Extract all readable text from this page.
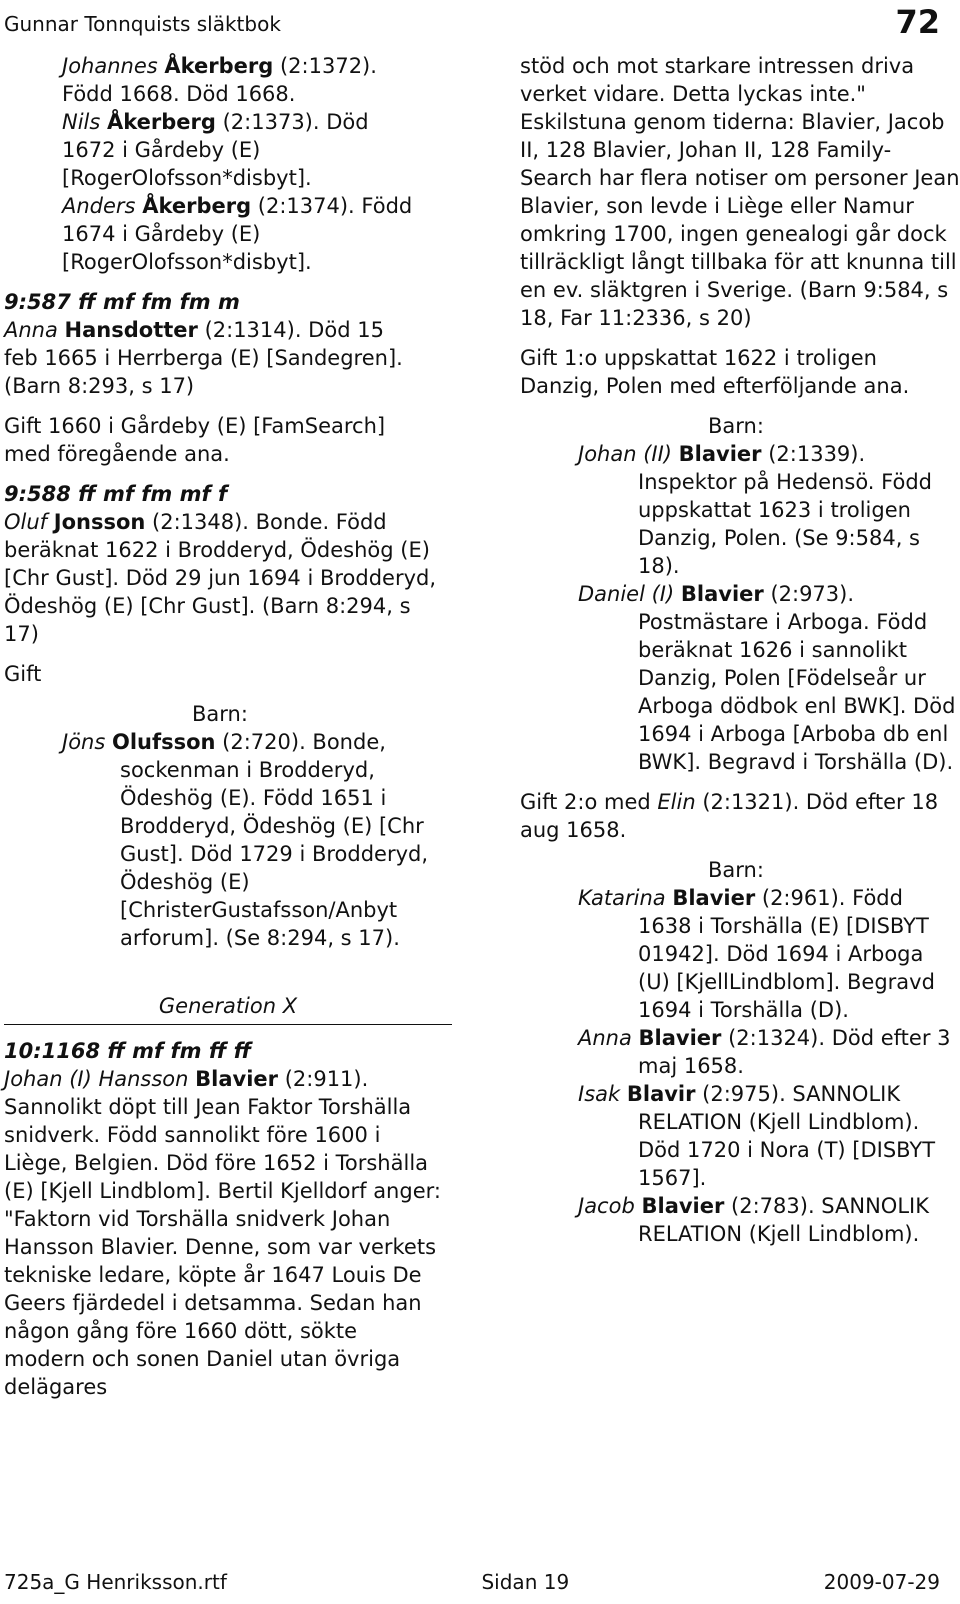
Gunnar Tonnquists släktbok	72

Johannes Åkerberg (2:1372). Född 1668. Död 1668.

Nils Åkerberg (2:1373). Död 1672 i Gårdeby (E) [RogerOlofsson*disbyt].

Anders Åkerberg (2:1374). Född 1674 i Gårdeby (E) [RogerOlofsson*disbyt].

9:587 ff mf fm fm m

Anna Hansdotter (2:1314). Död 15 feb 1665 i Herrberga (E) [Sandegren]. (Barn 8:293, s 17)

Gift 1660 i Gårdeby (E) [FamSearch] med föregående ana.

9:588 ff mf fm mf f

Oluf Jonsson (2:1348). Bonde. Född beräknat 1622 i Brodderyd, Ödeshög (E) [Chr Gust]. Död 29 jun 1694 i Brodderyd, Ödeshög (E) [Chr Gust]. (Barn 8:294, s 17)

Gift

Barn:

Jöns Olufsson (2:720). Bonde, sockenman i Brodderyd, Ödeshög (E). Född 1651 i Brodderyd, Ödeshög (E) [Chr Gust]. Död 1729 i Brodderyd, Ödeshög (E) [ChristerGustafsson/Anbyt arforum]. (Se 8:294, s 17).

Generation X

10:1168 ff mf fm ff ff

Johan (I) Hansson Blavier (2:911). Sannolikt döpt till Jean Faktor Torshälla snidverk. Född sannolikt före 1600 i Liège, Belgien. Död före 1652 i Torshälla (E) [Kjell Lindblom]. Bertil Kjelldorf anger: "Faktorn vid Torshälla snidverk Johan Hansson Blavier. Denne, som var verkets tekniske ledare, köpte år 1647 Louis De Geers fjärdedel i detsamma. Sedan han någon gång före 1660 dött, sökte modern och sonen Daniel utan övriga delägares

stöd och mot starkare intressen driva verket vidare. Detta lyckas inte." Eskilstuna genom tiderna: Blavier, Jacob II, 128 Blavier, Johan II, 128 Family-Search har flera notiser om personer Jean Blavier, son levde i Liège eller Namur omkring 1700, ingen genealogi går dock tillräckligt långt tillbaka för att knunna till en ev. släktgren i Sverige. (Barn 9:584, s 18, Far 11:2336, s 20)

Gift 1:o uppskattat 1622 i troligen Danzig, Polen med efterföljande ana.

Barn:

Johan (II) Blavier (2:1339). Inspektor på Hedensö. Född uppskattat 1623 i troligen Danzig, Polen. (Se 9:584, s 18).

Daniel (I) Blavier (2:973). Postmästare i Arboga. Född beräknat 1626 i sannolikt Danzig, Polen [Födelseår ur Arboga dödbok enl BWK]. Död 1694 i Arboga [Arboba db enl BWK]. Begravd i Torshälla (D).

Gift 2:o med Elin (2:1321). Död efter 18 aug 1658.

Barn:

Katarina Blavier (2:961). Född 1638 i Torshälla (E) [DISBYT 01942]. Död 1694 i Arboga (U) [KjellLindblom]. Begravd 1694 i Torshälla (D).

Anna Blavier (2:1324). Död efter 3 maj 1658.

Isak Blavir (2:975). SANNOLIK RELATION (Kjell Lindblom). Död 1720 i Nora (T) [DISBYT 1567].

Jacob Blavier (2:783). SANNOLIK RELATION (Kjell Lindblom).

725a_G Henriksson.rtf	Sidan 19	2009-07-29
